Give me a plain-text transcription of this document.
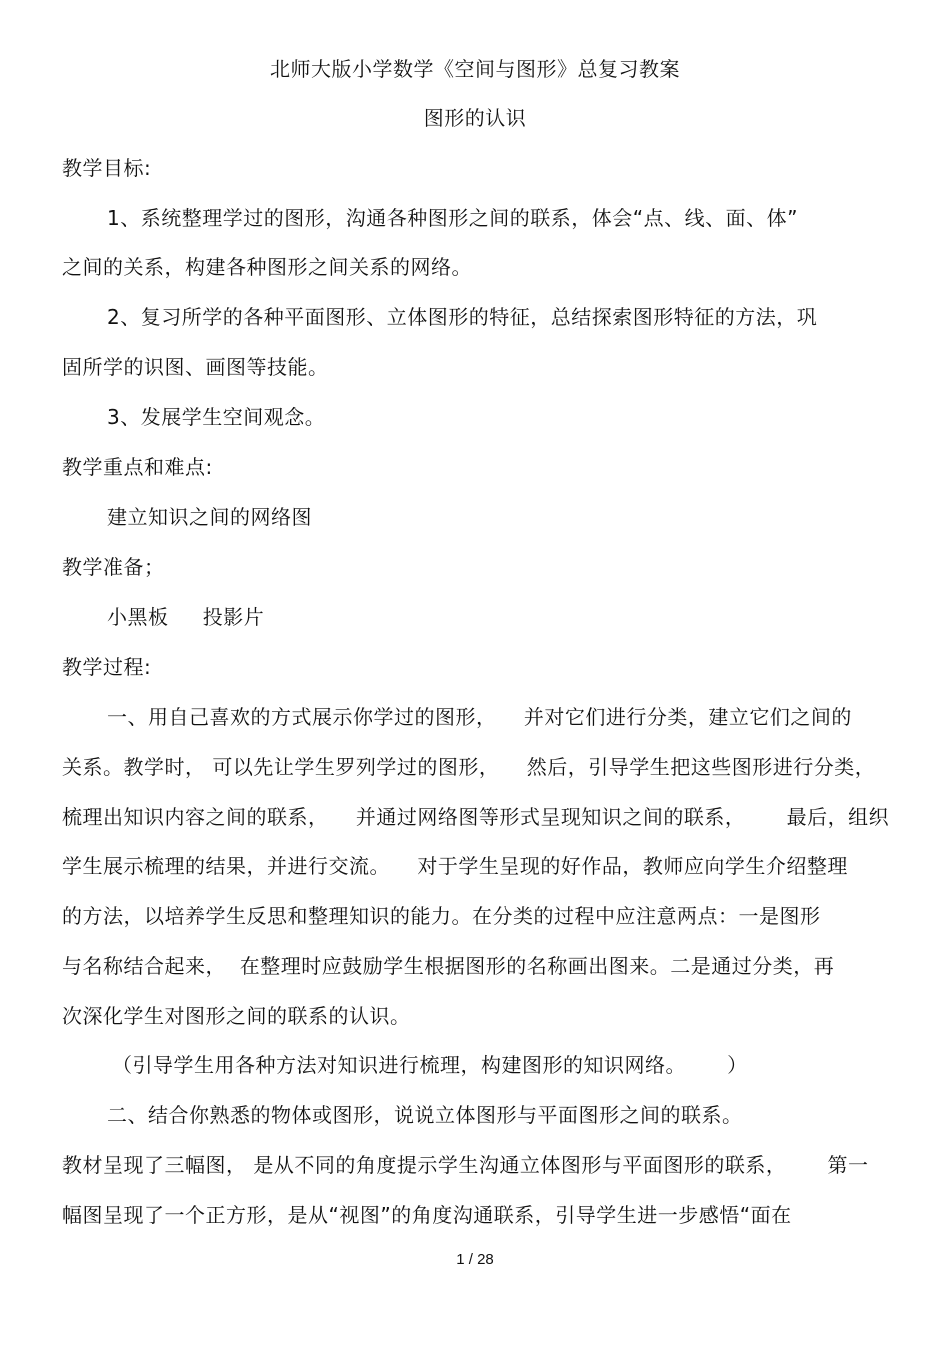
北师大版小学数学《空间与图形》总复习教案
图形的认识
教学目标:
1、系统整理学过的图形，沟通各种图形之间的联系，体会“点、线、面、体”
之间的关系，构建各种图形之间关系的网络。
2、复习所学的各种平面图形、立体图形的特征，总结探索图形特征的方法，巩
固所学的识图、画图等技能。
3、发展学生空间观念。
教学重点和难点:
建立知识之间的网络图
教学准备；
小黑板     投影片
教学过程:
一、用自己喜欢的方式展示你学过的图形，    并对它们进行分类，建立它们之间的
关系。教学时， 可以先让学生罗列学过的图形，    然后，引导学生把这些图形进行分类，
梳理出知识内容之间的联系，    并通过网络图等形式呈现知识之间的联系，      最后，组织
学生展示梳理的结果，并进行交流。    对于学生呈现的好作品，教师应向学生介绍整理
的方法，以培养学生反思和整理知识的能力。在分类的过程中应注意两点：一是图形
与名称结合起来，  在整理时应鼓励学生根据图形的名称画出图来。二是通过分类，再
次深化学生对图形之间的联系的认识。
（引导学生用各种方法对知识进行梳理，构建图形的知识网络。      ）
二、结合你熟悉的物体或图形，说说立体图形与平面图形之间的联系。
教材呈现了三幅图， 是从不同的角度提示学生沟通立体图形与平面图形的联系，      第一
幅图呈现了一个正方形，是从“视图”的角度沟通联系，引导学生进一步感悟“面在
1 / 28
